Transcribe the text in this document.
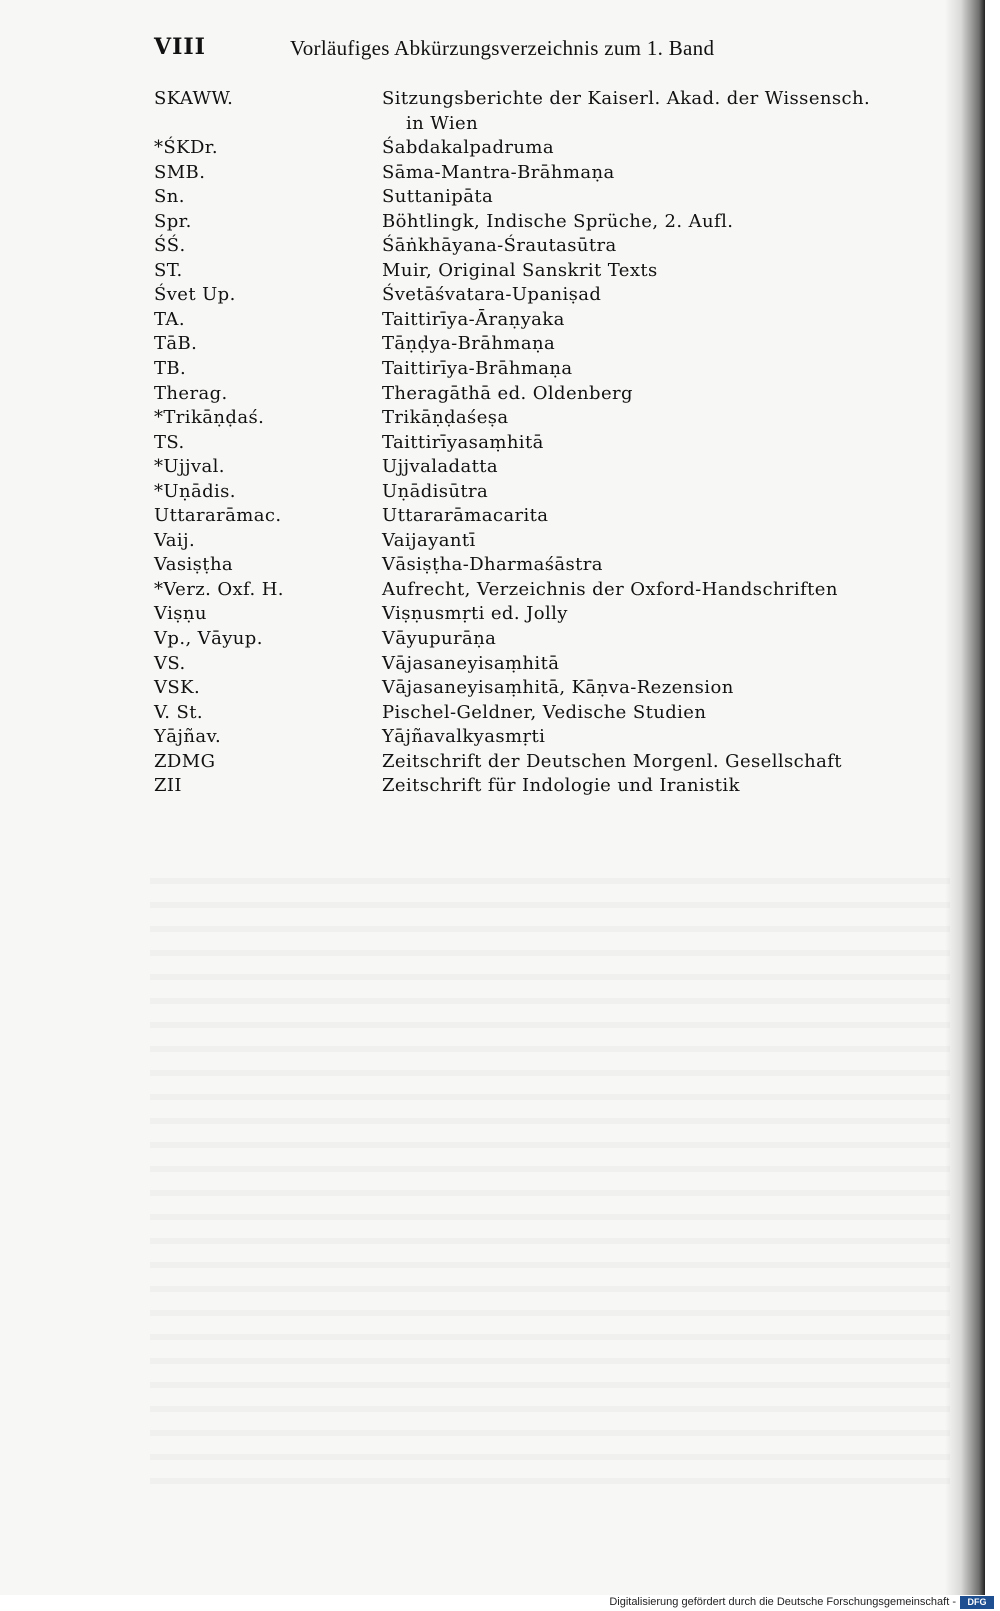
VIII	Vorläufiges Abkürzungsverzeichnis zum 1. Band
SKAWW.	Sitzungsberichte der Kaiserl. Akad. der Wissensch.
in Wien
*ŚKDr.	Śabdakalpadruma
SMB.	Sāma-Mantra-Brāhmaṇa
Sn.	Suttanipāta
Spr.	Böhtlingk, Indische Sprüche, 2. Aufl.
ŚŚ.	Śāṅkhāyana-Śrautasūtra
ST.	Muir, Original Sanskrit Texts
Śvet Up.	Śvetāśvatara-Upaniṣad
TA.	Taittirīya-Āraṇyaka
TāB.	Tāṇḍya-Brāhmaṇa
TB.	Taittirīya-Brāhmaṇa
Therag.	Theragāthā ed. Oldenberg
*Trikāṇḍaś.	Trikāṇḍaśeṣa
TS.	Taittirīyasaṃhitā
*Ujjval.	Ujjvaladatta
*Uṇādis.	Uṇādisūtra
Uttararāmac.	Uttararāmacarita
Vaij.	Vaijayantī
Vasiṣṭha	Vāsiṣṭha-Dharmaśāstra
*Verz. Oxf. H.	Aufrecht, Verzeichnis der Oxford-Handschriften
Viṣṇu	Viṣṇusmṛti ed. Jolly
Vp., Vāyup.	Vāyupurāṇa
VS.	Vājasaneyisaṃhitā
VSK.	Vājasaneyisaṃhitā, Kāṇva-Rezension
V. St.	Pischel-Geldner, Vedische Studien
Yājñav.	Yājñavalkyasmṛti
ZDMG	Zeitschrift der Deutschen Morgenl. Gesellschaft
ZII	Zeitschrift für Indologie und Iranistik
Digitalisierung gefördert durch die Deutsche Forschungsgemeinschaft -	DFG
